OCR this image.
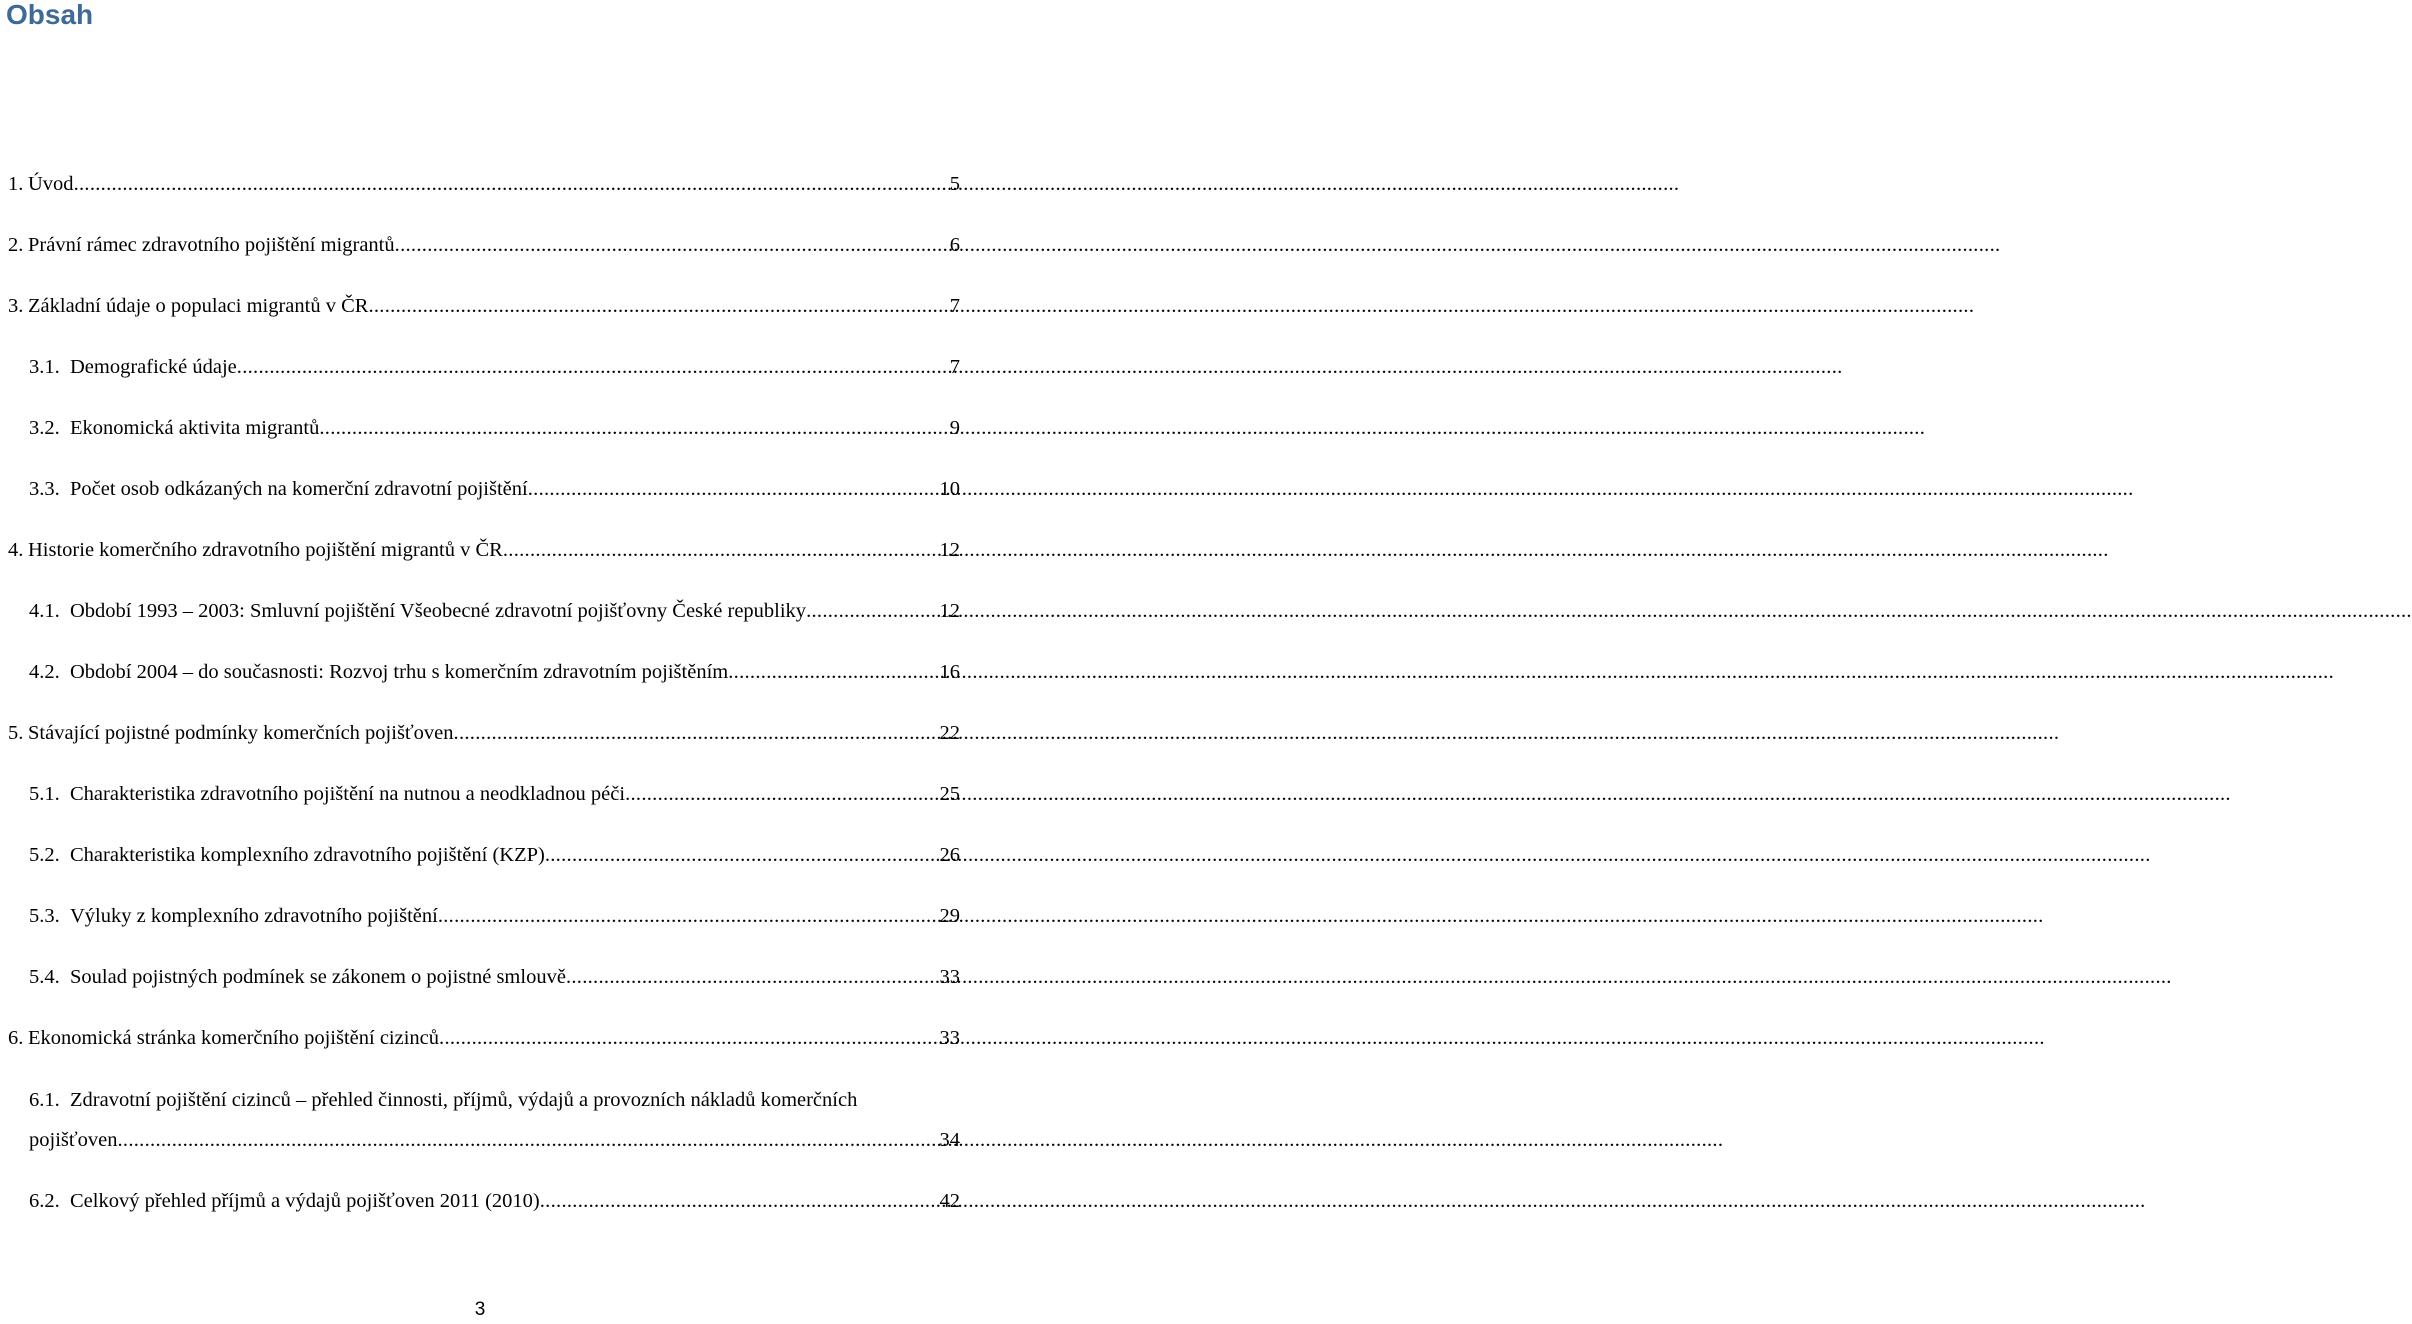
Obsah
1. Úvod .....	5
2. Právní rámec zdravotního pojištění migrantů .....	6
3. Základní údaje o populaci migrantů v ČR .....	7
3.1. Demografické údaje .....	7
3.2. Ekonomická aktivita migrantů .....	9
3.3. Počet osob odkázaných na komerční zdravotní pojištění .....	10
4. Historie komerčního zdravotního pojištění migrantů v ČR .....	12
4.1. Období 1993 – 2003: Smluvní pojištění Všeobecné zdravotní pojišťovny České republiky .....	12
4.2. Období 2004 – do současnosti: Rozvoj trhu s komerčním zdravotním pojištěním .....	16
5. Stávající pojistné podmínky komerčních pojišťoven .....	22
5.1. Charakteristika zdravotního pojištění na nutnou a neodkladnou péči .....	25
5.2. Charakteristika komplexního zdravotního pojištění (KZP) .....	26
5.3. Výluky z komplexního zdravotního pojištění .....	29
5.4. Soulad pojistných podmínek se zákonem o pojistné smlouvě .....	33
6. Ekonomická stránka komerčního pojištění cizinců .....	33
6.1. Zdravotní pojištění cizinců – přehled činnosti, příjmů, výdajů a provozních nákladů komerčních
pojišťoven .....	34
6.2. Celkový přehled příjmů a výdajů pojišťoven 2011 (2010) .....	42
3
